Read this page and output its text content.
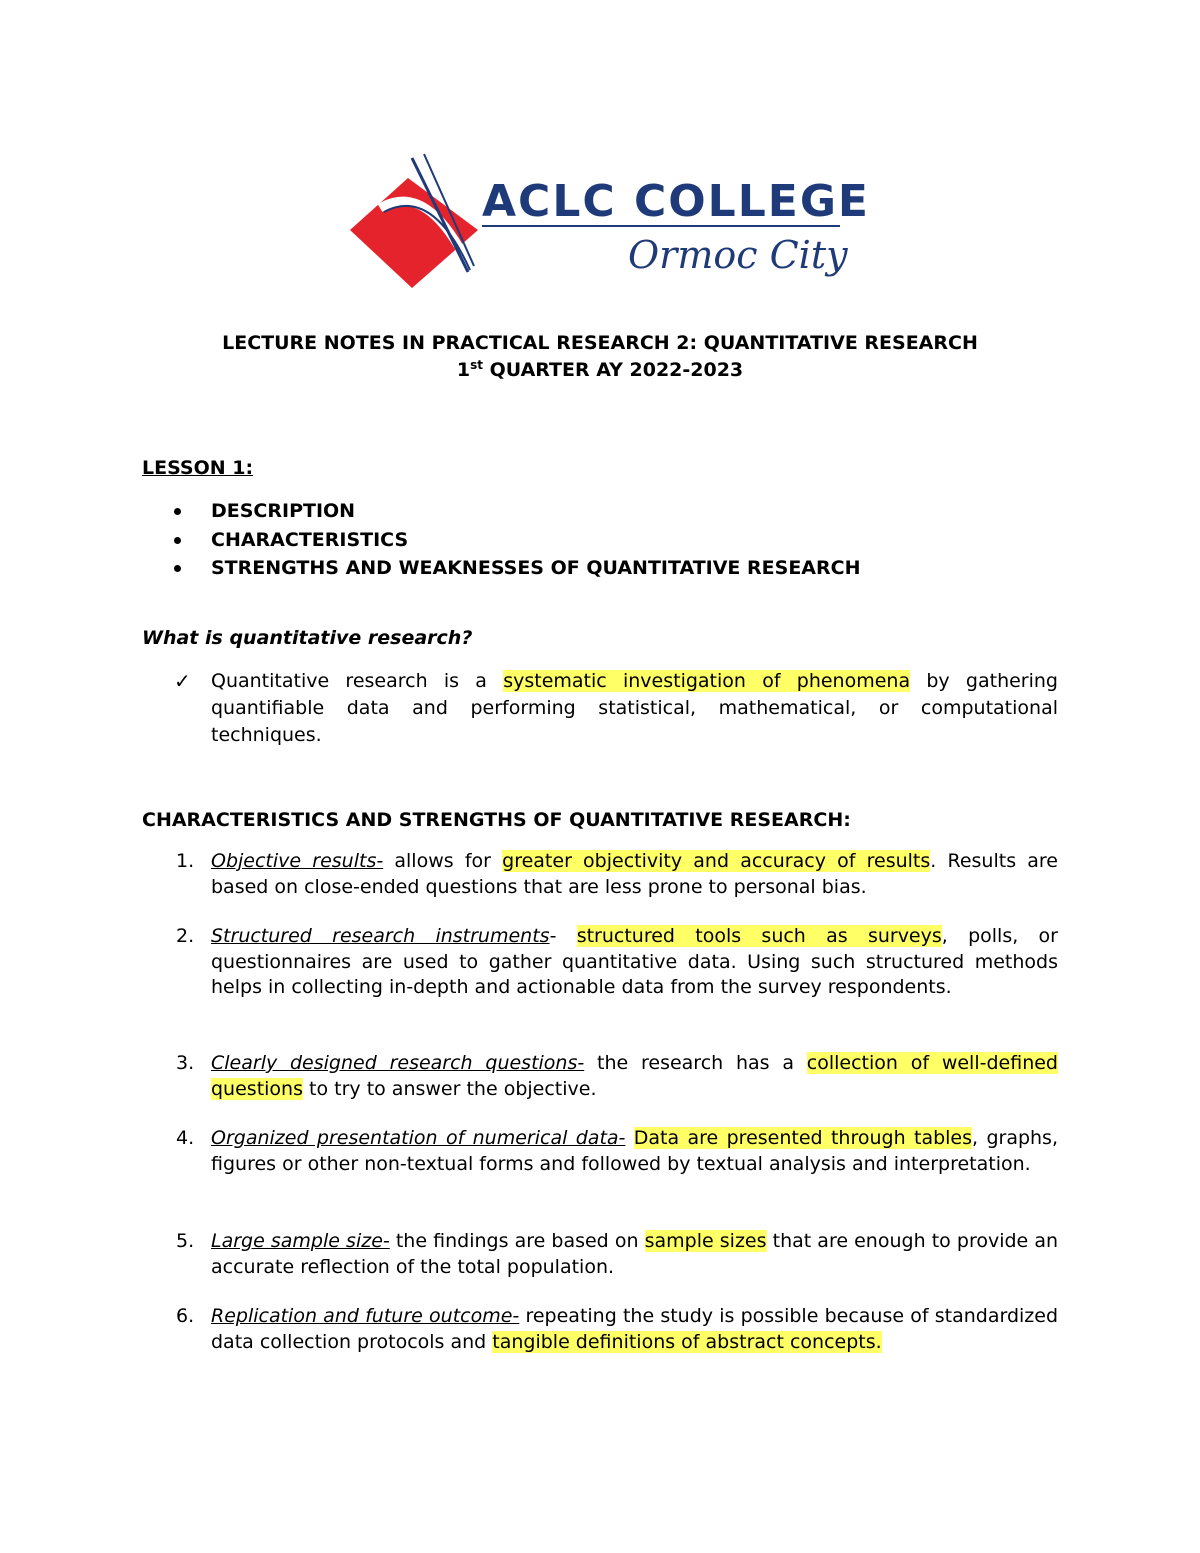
ACLC COLLEGE
Ormoc City
LECTURE NOTES IN PRACTICAL RESEARCH 2: QUANTITATIVE RESEARCH
1st QUARTER AY 2022-2023
LESSON 1:
DESCRIPTION
CHARACTERISTICS
STRENGTHS AND WEAKNESSES OF QUANTITATIVE RESEARCH
What is quantitative research?
✓ Quantitative research is a systematic investigation of phenomena by gathering quantifiable data and performing statistical, mathematical, or computational techniques.
CHARACTERISTICS AND STRENGTHS OF QUANTITATIVE RESEARCH:
1. Objective results- allows for greater objectivity and accuracy of results. Results are based on close-ended questions that are less prone to personal bias.
2. Structured research instruments- structured tools such as surveys, polls, or questionnaires are used to gather quantitative data. Using such structured methods helps in collecting in-depth and actionable data from the survey respondents.
3. Clearly designed research questions- the research has a collection of well-defined questions to try to answer the objective.
4. Organized presentation of numerical data- Data are presented through tables, graphs, figures or other non-textual forms and followed by textual analysis and interpretation.
5. Large sample size- the findings are based on sample sizes that are enough to provide an accurate reflection of the total population.
6. Replication and future outcome- repeating the study is possible because of standardized data collection protocols and tangible definitions of abstract concepts.
